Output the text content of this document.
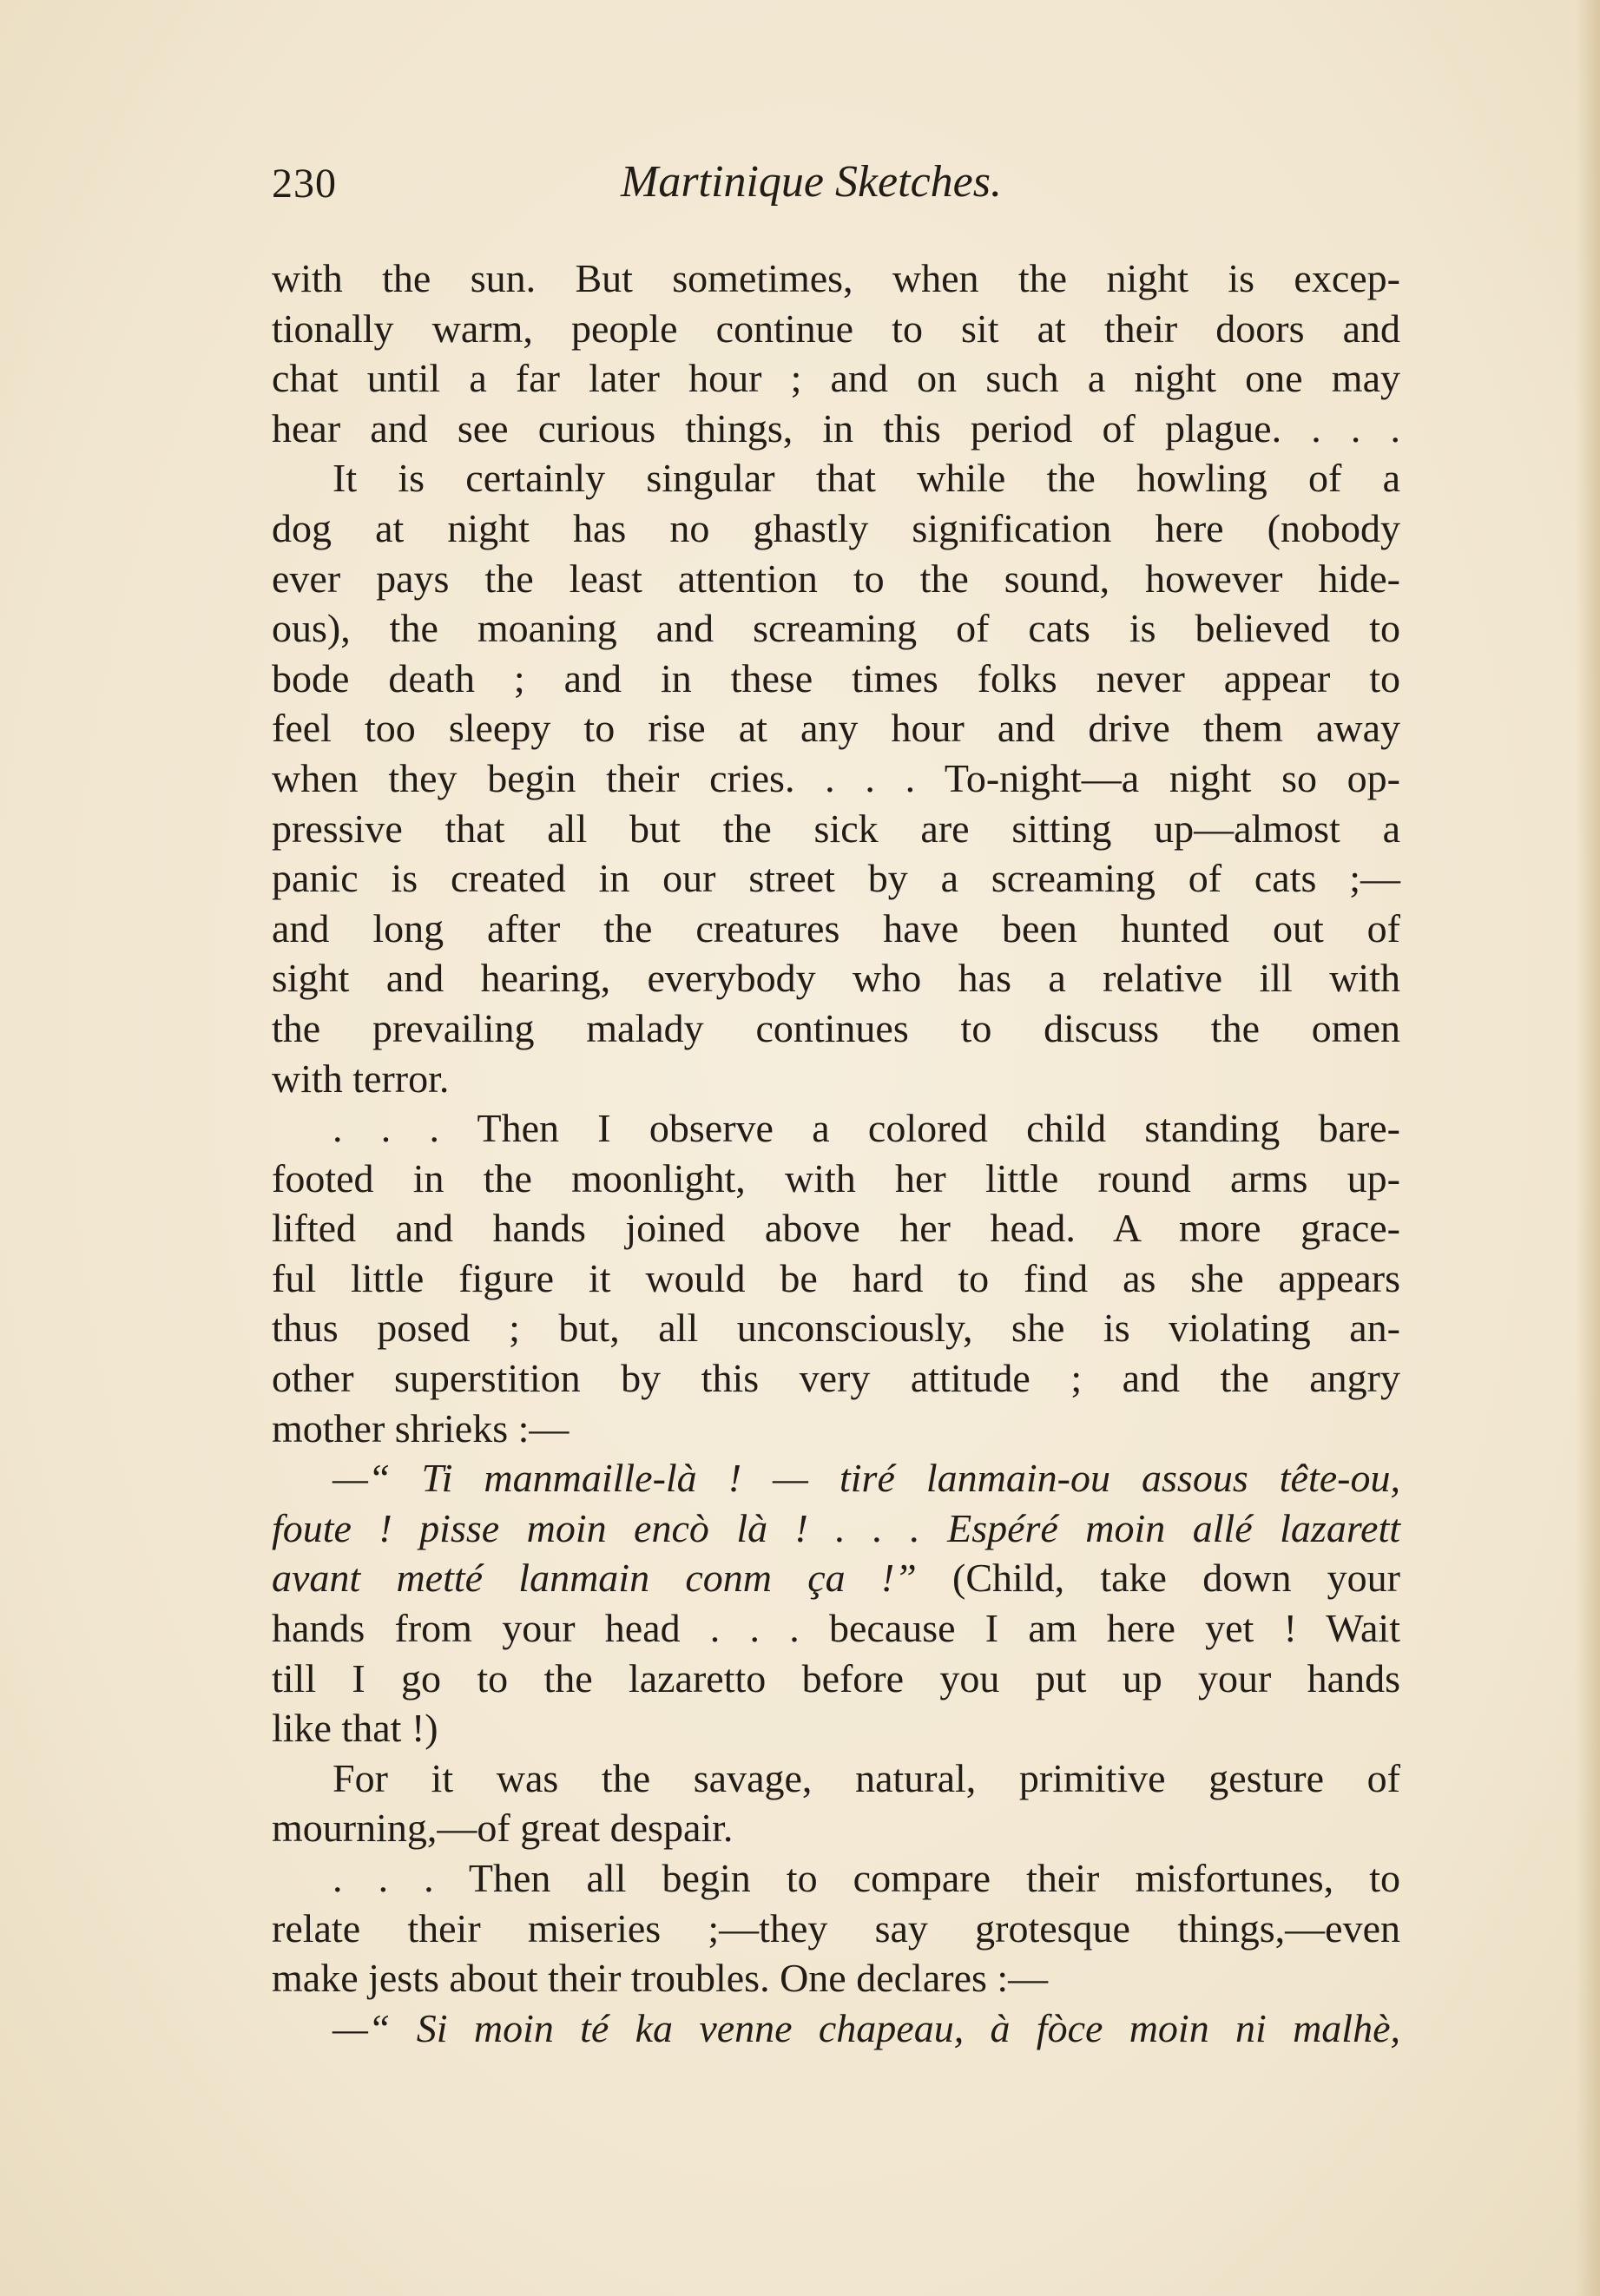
230	Martinique Sketches.
with the sun. But sometimes, when the night is excep-
tionally warm, people continue to sit at their doors and
chat until a far later hour ; and on such a night one may
hear and see curious things, in this period of plague. . . .
It is certainly singular that while the howling of a
dog at night has no ghastly signification here (nobody
ever pays the least attention to the sound, however hide-
ous), the moaning and screaming of cats is believed to
bode death ; and in these times folks never appear to
feel too sleepy to rise at any hour and drive them away
when they begin their cries. . . . To-night—a night so op-
pressive that all but the sick are sitting up—almost a
panic is created in our street by a screaming of cats ;—
and long after the creatures have been hunted out of
sight and hearing, everybody who has a relative ill with
the prevailing malady continues to discuss the omen
with terror.
. . . Then I observe a colored child standing bare-
footed in the moonlight, with her little round arms up-
lifted and hands joined above her head. A more grace-
ful little figure it would be hard to find as she appears
thus posed ; but, all unconsciously, she is violating an-
other superstition by this very attitude ; and the angry
mother shrieks :—
—“ Ti manmaille-là ! — tiré lanmain-ou assous tête-ou,
foute ! pisse moin encò là ! . . . Espéré moin allé lazarett
avant metté lanmain conm ça !” (Child, take down your
hands from your head . . . because I am here yet ! Wait
till I go to the lazaretto before you put up your hands
like that !)
For it was the savage, natural, primitive gesture of
mourning,—of great despair.
. . . Then all begin to compare their misfortunes, to
relate their miseries ;—they say grotesque things,—even
make jests about their troubles. One declares :—
—“ Si moin té ka venne chapeau, à fòce moin ni malhè,
